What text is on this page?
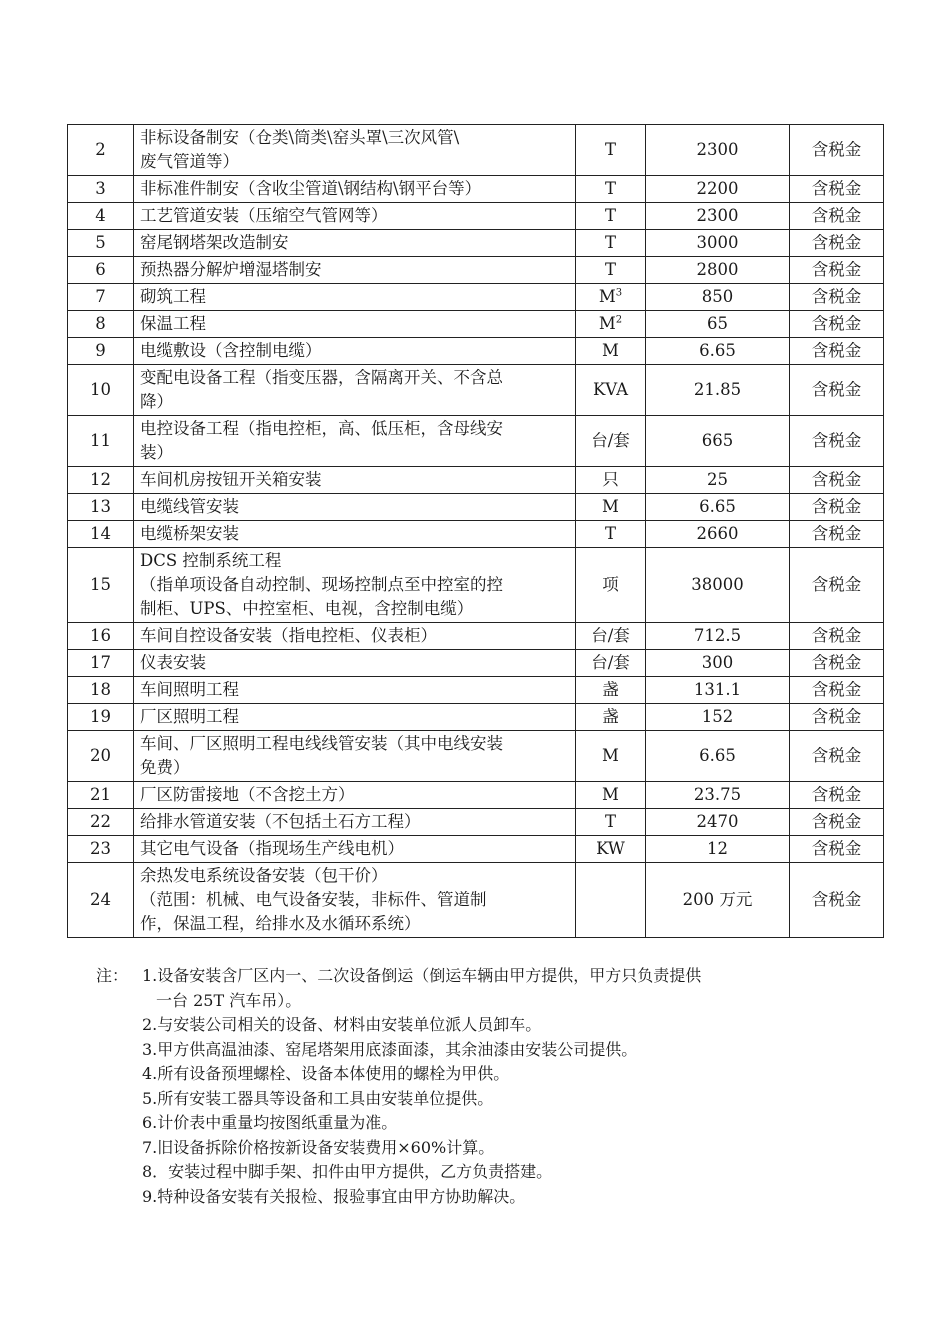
2	非标设备制安（仓类\筒类\窑头罩\三次风管\
废气管道等）	T	2300	含税金
3	非标准件制安（含收尘管道\钢结构\钢平台等）	T	2200	含税金
4	工艺管道安装（压缩空气管网等）	T	2300	含税金
5	窑尾钢塔架改造制安	T	3000	含税金
6	预热器分解炉增湿塔制安	T	2800	含税金
7	砌筑工程	$M^3$	850	含税金
8	保温工程	$M^2$	65	含税金
9	电缆敷设（含控制电缆）	M	6.65	含税金
10	变配电设备工程（指变压器，含隔离开关、不含总
降）	KVA	21.85	含税金
11	电控设备工程（指电控柜，高、低压柜，含母线安
装）	台/套	665	含税金
12	车间机房按钮开关箱安装	只	25	含税金
13	电缆线管安装	M	6.65	含税金
14	电缆桥架安装	T	2660	含税金
15	DCS 控制系统工程
（指单项设备自动控制、现场控制点至中控室的控
制柜、UPS、中控室柜、电视，含控制电缆）	项	38000	含税金
16	车间自控设备安装（指电控柜、仪表柜）	台/套	712.5	含税金
17	仪表安装	台/套	300	含税金
18	车间照明工程	盏	131.1	含税金
19	厂区照明工程	盏	152	含税金
20	车间、厂区照明工程电线线管安装（其中电线安装
免费）	M	6.65	含税金
21	厂区防雷接地（不含挖土方）	M	23.75	含税金
22	给排水管道安装（不包括土石方工程）	T	2470	含税金
23	其它电气设备（指现场生产线电机）	KW	12	含税金
24	余热发电系统设备安装（包干价）
（范围：机械、电气设备安装，非标件、管道制
作，保温工程，给排水及水循环系统）		200 万元	含税金
注： 1.设备安装含厂区内一、二次设备倒运（倒运车辆由甲方提供，甲方只负责提供
一台 25T 汽车吊）。
2.与安装公司相关的设备、材料由安装单位派人员卸车。
3.甲方供高温油漆、窑尾塔架用底漆面漆，其余油漆由安装公司提供。
4.所有设备预埋螺栓、设备本体使用的螺栓为甲供。
5.所有安装工器具等设备和工具由安装单位提供。
6.计价表中重量均按图纸重量为准。
7.旧设备拆除价格按新设备安装费用×60%计算。
8．安装过程中脚手架、扣件由甲方提供，乙方负责搭建。
9.特种设备安装有关报检、报验事宜由甲方协助解决。
